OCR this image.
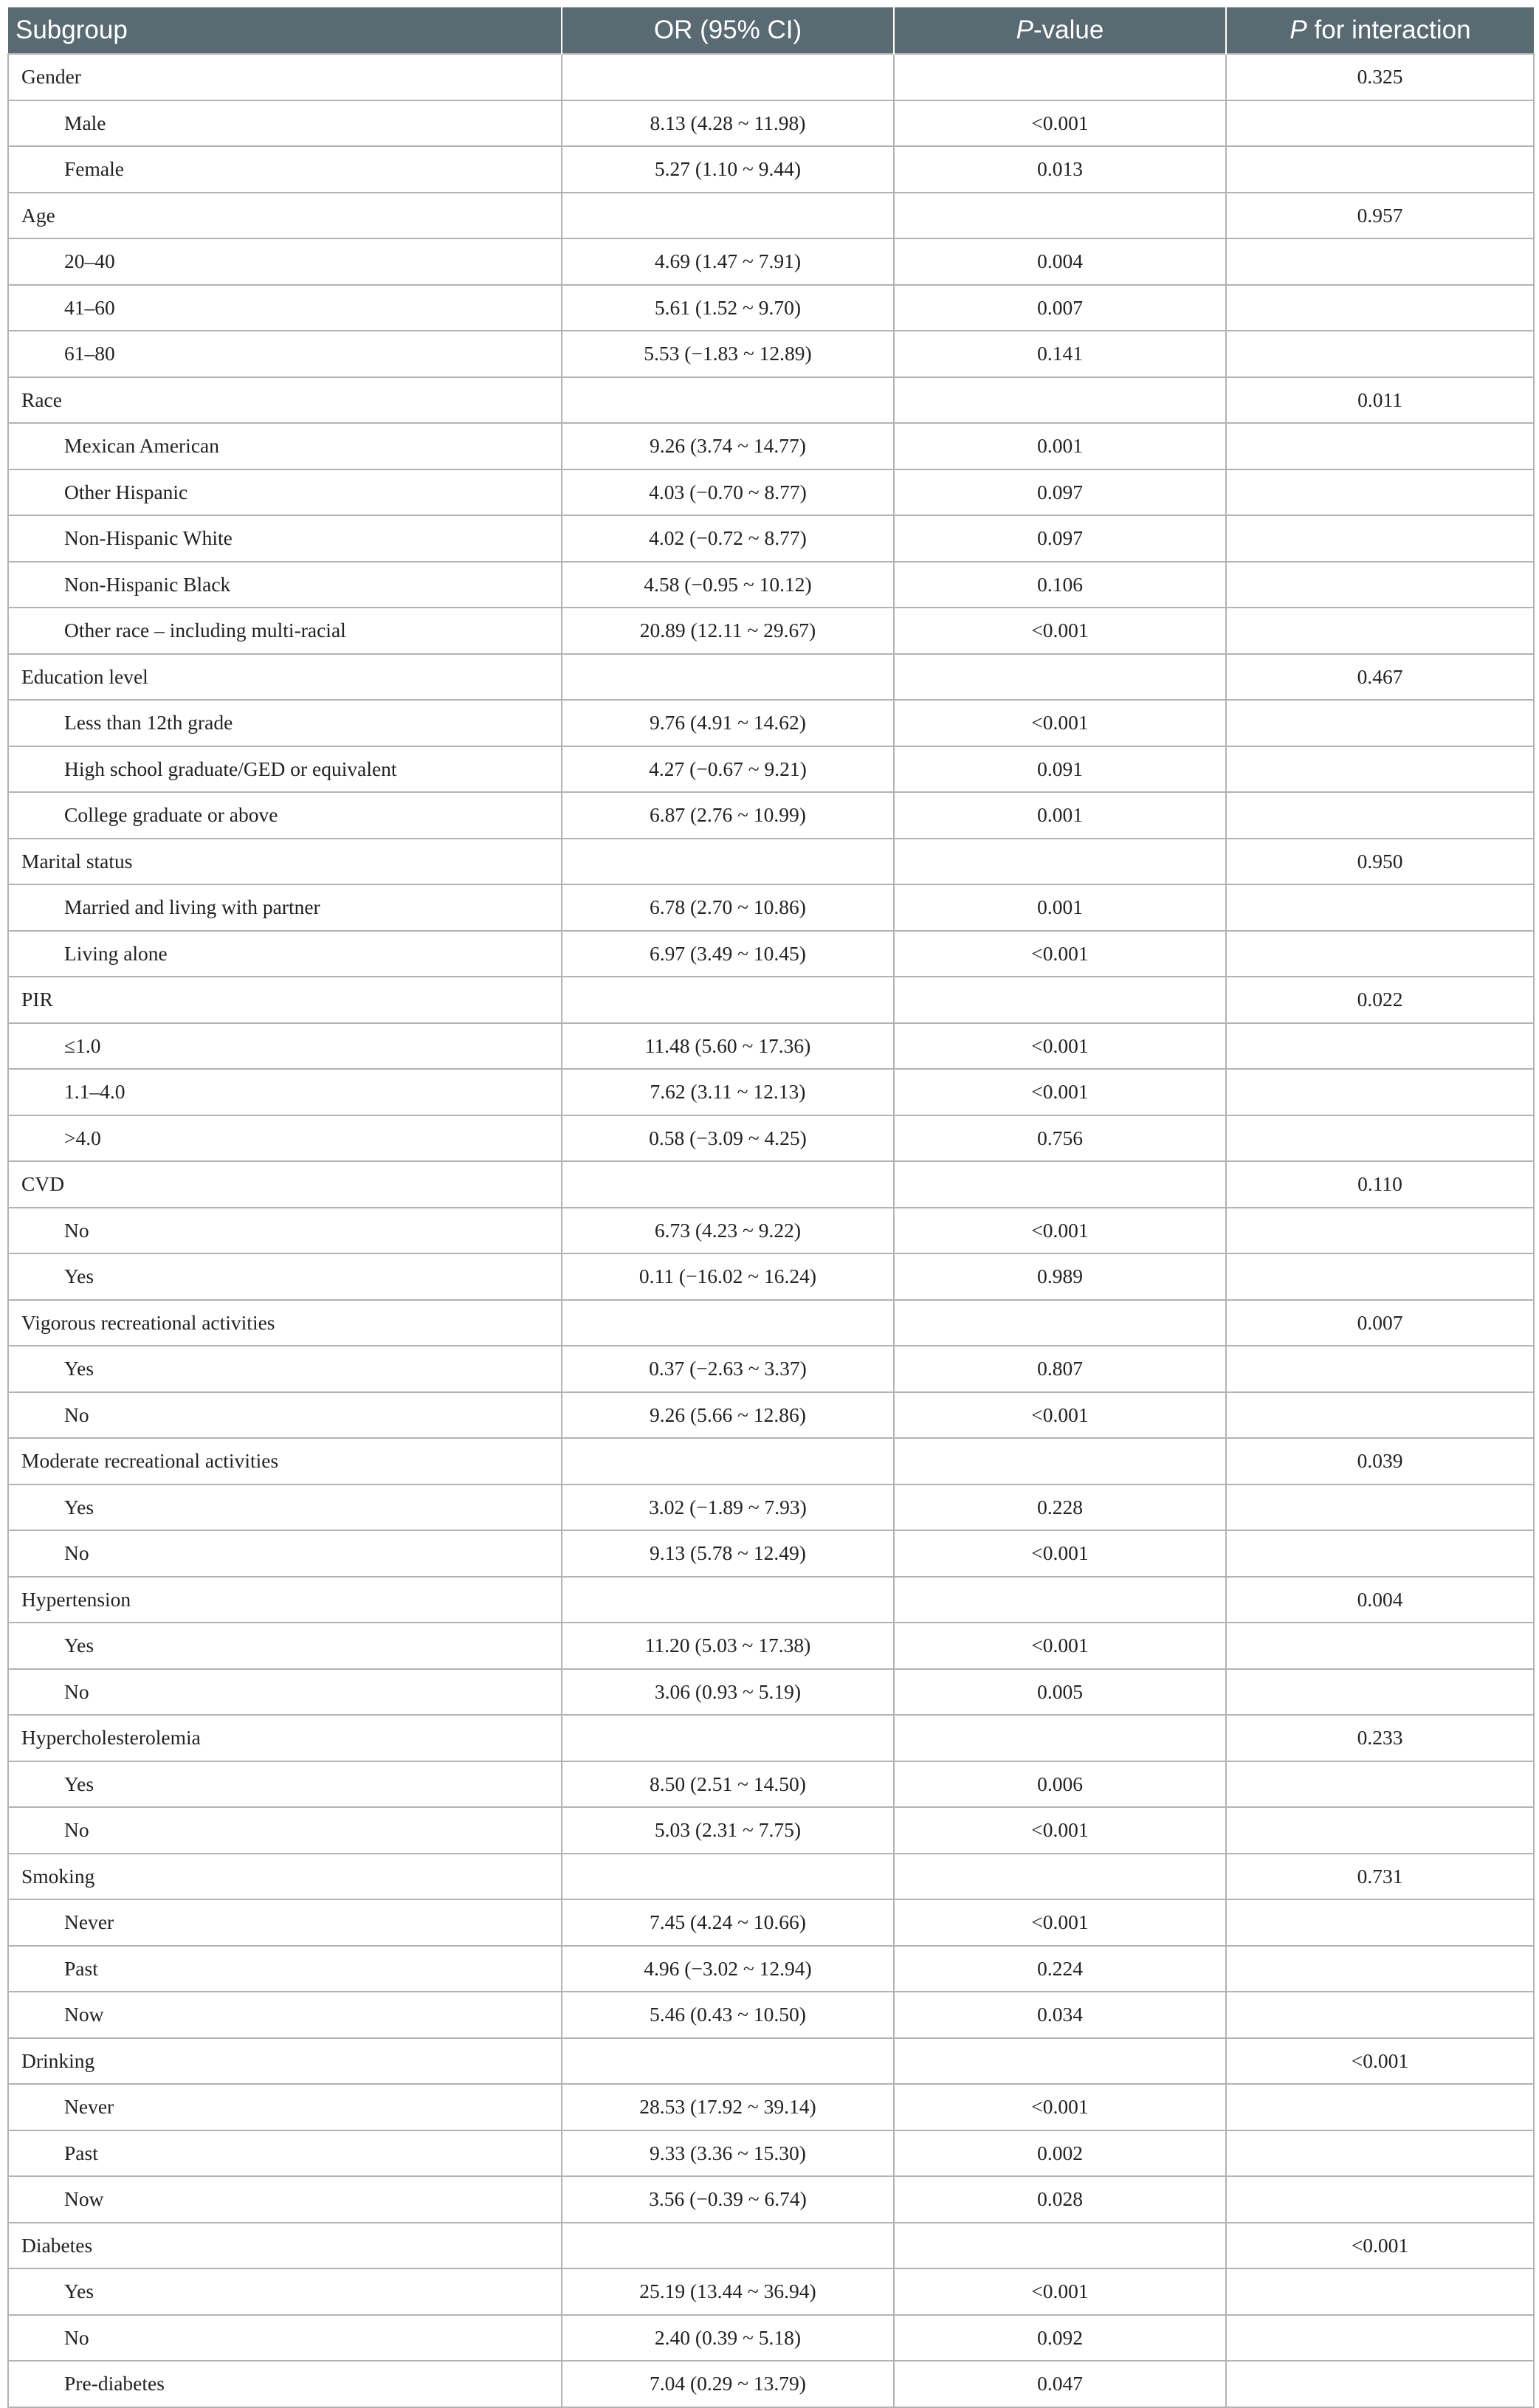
Subgroup	OR (95% CI)	P-value	P for interaction
Gender			0.325
Male	8.13 (4.28 ~ 11.98)	<0.001	
Female	5.27 (1.10 ~ 9.44)	0.013	
Age			0.957
20–40	4.69 (1.47 ~ 7.91)	0.004	
41–60	5.61 (1.52 ~ 9.70)	0.007	
61–80	5.53 (−1.83 ~ 12.89)	0.141	
Race			0.011
Mexican American	9.26 (3.74 ~ 14.77)	0.001	
Other Hispanic	4.03 (−0.70 ~ 8.77)	0.097	
Non-Hispanic White	4.02 (−0.72 ~ 8.77)	0.097	
Non-Hispanic Black	4.58 (−0.95 ~ 10.12)	0.106	
Other race – including multi-racial	20.89 (12.11 ~ 29.67)	<0.001	
Education level			0.467
Less than 12th grade	9.76 (4.91 ~ 14.62)	<0.001	
High school graduate/GED or equivalent	4.27 (−0.67 ~ 9.21)	0.091	
College graduate or above	6.87 (2.76 ~ 10.99)	0.001	
Marital status			0.950
Married and living with partner	6.78 (2.70 ~ 10.86)	0.001	
Living alone	6.97 (3.49 ~ 10.45)	<0.001	
PIR			0.022
≤1.0	11.48 (5.60 ~ 17.36)	<0.001	
1.1–4.0	7.62 (3.11 ~ 12.13)	<0.001	
>4.0	0.58 (−3.09 ~ 4.25)	0.756	
CVD			0.110
No	6.73 (4.23 ~ 9.22)	<0.001	
Yes	0.11 (−16.02 ~ 16.24)	0.989	
Vigorous recreational activities			0.007
Yes	0.37 (−2.63 ~ 3.37)	0.807	
No	9.26 (5.66 ~ 12.86)	<0.001	
Moderate recreational activities			0.039
Yes	3.02 (−1.89 ~ 7.93)	0.228	
No	9.13 (5.78 ~ 12.49)	<0.001	
Hypertension			0.004
Yes	11.20 (5.03 ~ 17.38)	<0.001	
No	3.06 (0.93 ~ 5.19)	0.005	
Hypercholesterolemia			0.233
Yes	8.50 (2.51 ~ 14.50)	0.006	
No	5.03 (2.31 ~ 7.75)	<0.001	
Smoking			0.731
Never	7.45 (4.24 ~ 10.66)	<0.001	
Past	4.96 (−3.02 ~ 12.94)	0.224	
Now	5.46 (0.43 ~ 10.50)	0.034	
Drinking			<0.001
Never	28.53 (17.92 ~ 39.14)	<0.001	
Past	9.33 (3.36 ~ 15.30)	0.002	
Now	3.56 (−0.39 ~ 6.74)	0.028	
Diabetes			<0.001
Yes	25.19 (13.44 ~ 36.94)	<0.001	
No	2.40 (0.39 ~ 5.18)	0.092	
Pre-diabetes	7.04 (0.29 ~ 13.79)	0.047	
